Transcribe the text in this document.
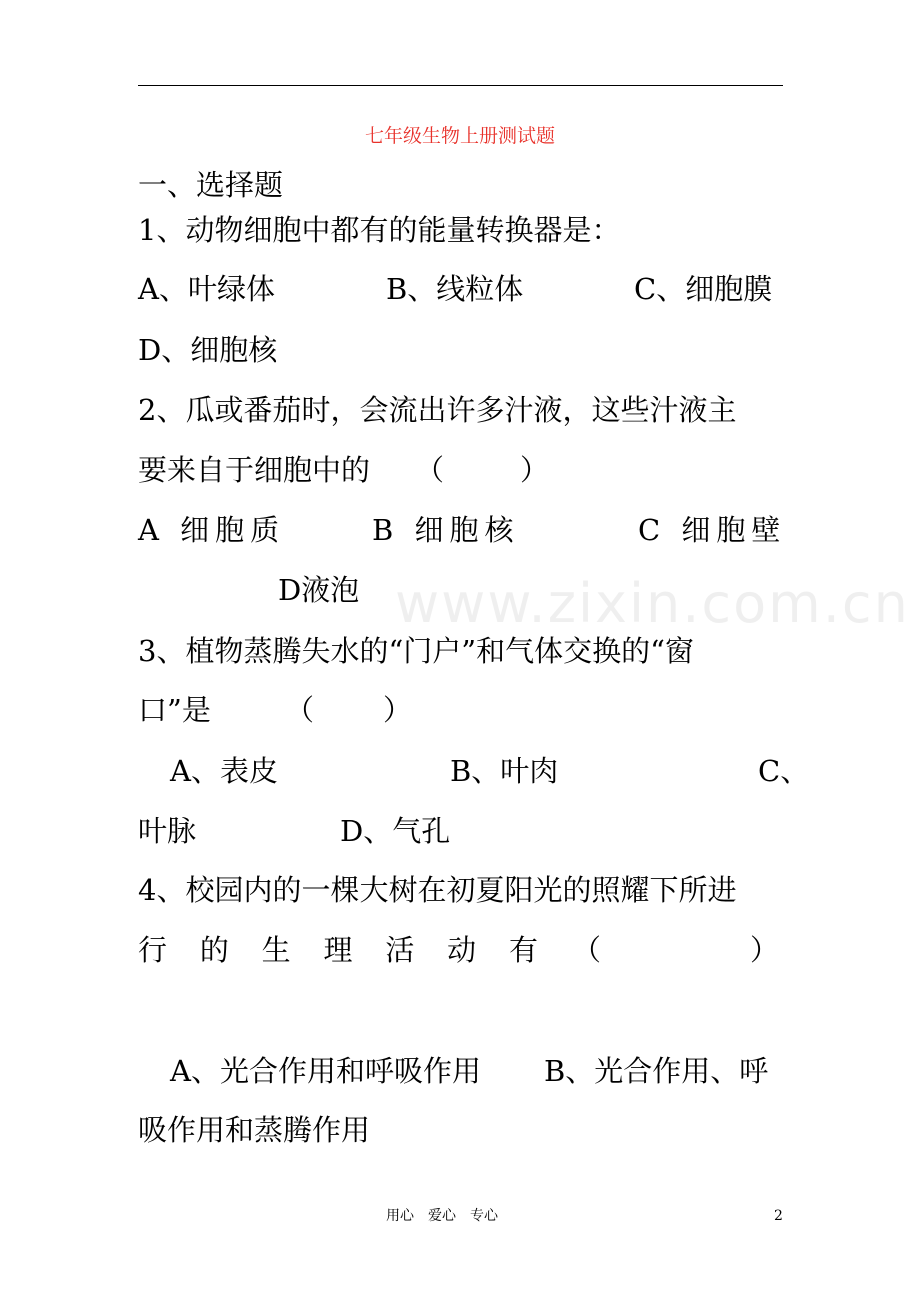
七年级生物上册测试题
www.zixin.com.cn
一、选择题
1、动物细胞中都有的能量转换器是：
A、叶绿体	B、线粒体	C、细胞膜
D、细胞核
2、瓜或番茄时，会流出许多汁液，这些汁液主
要来自于细胞中的 （	）
A 细胞质	B 细胞核	C 细胞壁
D液泡
3、植物蒸腾失水的“门户”和气体交换的“窗
口”是	（ ）
A、表皮	B、叶肉	C、
叶脉	D、气孔
4、校园内的一棵大树在初夏阳光的照耀下所进
行 的 生 理 活 动 有 （	）
A、光合作用和呼吸作用 B、光合作用、呼
吸作用和蒸腾作用
用心　爱心　专心	2
